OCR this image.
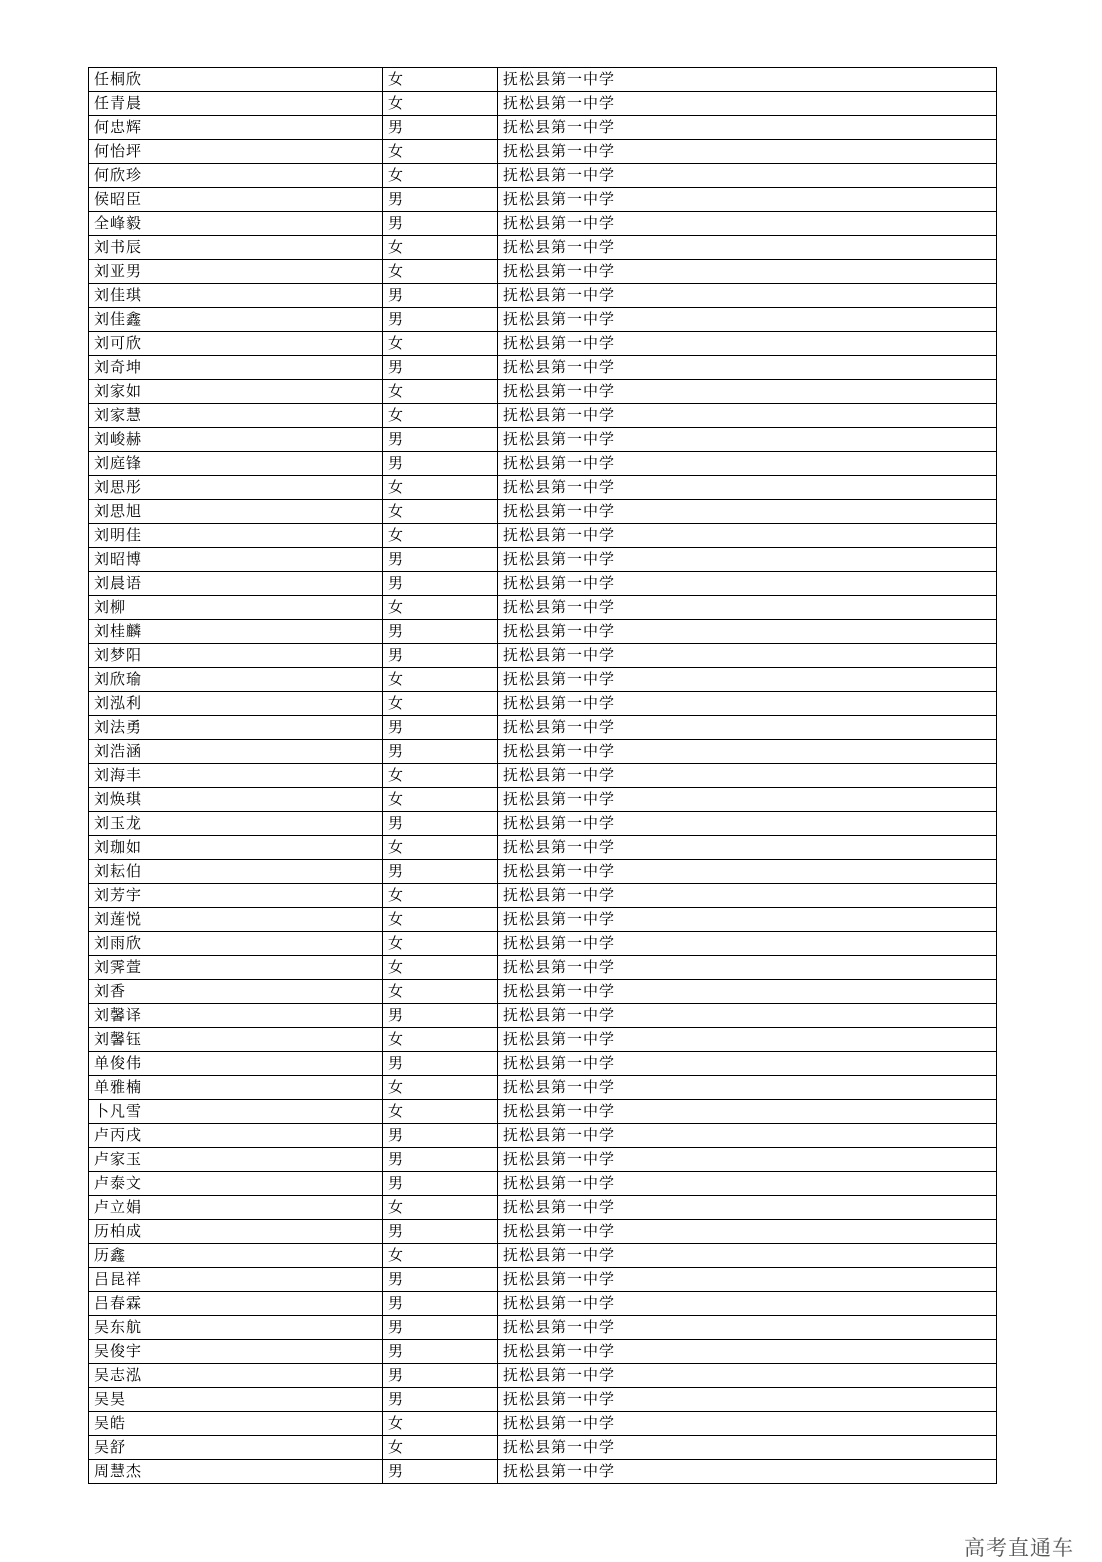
任桐欣	女	抚松县第一中学
任青晨	女	抚松县第一中学
何忠辉	男	抚松县第一中学
何怡坪	女	抚松县第一中学
何欣珍	女	抚松县第一中学
侯昭臣	男	抚松县第一中学
全峰毅	男	抚松县第一中学
刘书辰	女	抚松县第一中学
刘亚男	女	抚松县第一中学
刘佳琪	男	抚松县第一中学
刘佳鑫	男	抚松县第一中学
刘可欣	女	抚松县第一中学
刘奇坤	男	抚松县第一中学
刘家如	女	抚松县第一中学
刘家慧	女	抚松县第一中学
刘峻赫	男	抚松县第一中学
刘庭锋	男	抚松县第一中学
刘思彤	女	抚松县第一中学
刘思旭	女	抚松县第一中学
刘明佳	女	抚松县第一中学
刘昭博	男	抚松县第一中学
刘晨语	男	抚松县第一中学
刘柳	女	抚松县第一中学
刘桂麟	男	抚松县第一中学
刘梦阳	男	抚松县第一中学
刘欣瑜	女	抚松县第一中学
刘泓利	女	抚松县第一中学
刘法勇	男	抚松县第一中学
刘浩涵	男	抚松县第一中学
刘海丰	女	抚松县第一中学
刘焕琪	女	抚松县第一中学
刘玉龙	男	抚松县第一中学
刘珈如	女	抚松县第一中学
刘耘伯	男	抚松县第一中学
刘芳宇	女	抚松县第一中学
刘莲悦	女	抚松县第一中学
刘雨欣	女	抚松县第一中学
刘霁萱	女	抚松县第一中学
刘香	女	抚松县第一中学
刘馨译	男	抚松县第一中学
刘馨钰	女	抚松县第一中学
单俊伟	男	抚松县第一中学
单雅楠	女	抚松县第一中学
卜凡雪	女	抚松县第一中学
卢丙戌	男	抚松县第一中学
卢家玉	男	抚松县第一中学
卢泰文	男	抚松县第一中学
卢立娟	女	抚松县第一中学
历柏成	男	抚松县第一中学
历鑫	女	抚松县第一中学
吕昆祥	男	抚松县第一中学
吕春霖	男	抚松县第一中学
吴东航	男	抚松县第一中学
吴俊宇	男	抚松县第一中学
吴志泓	男	抚松县第一中学
吴昊	男	抚松县第一中学
吴皓	女	抚松县第一中学
吴舒	女	抚松县第一中学
周慧杰	男	抚松县第一中学
高考直通车
